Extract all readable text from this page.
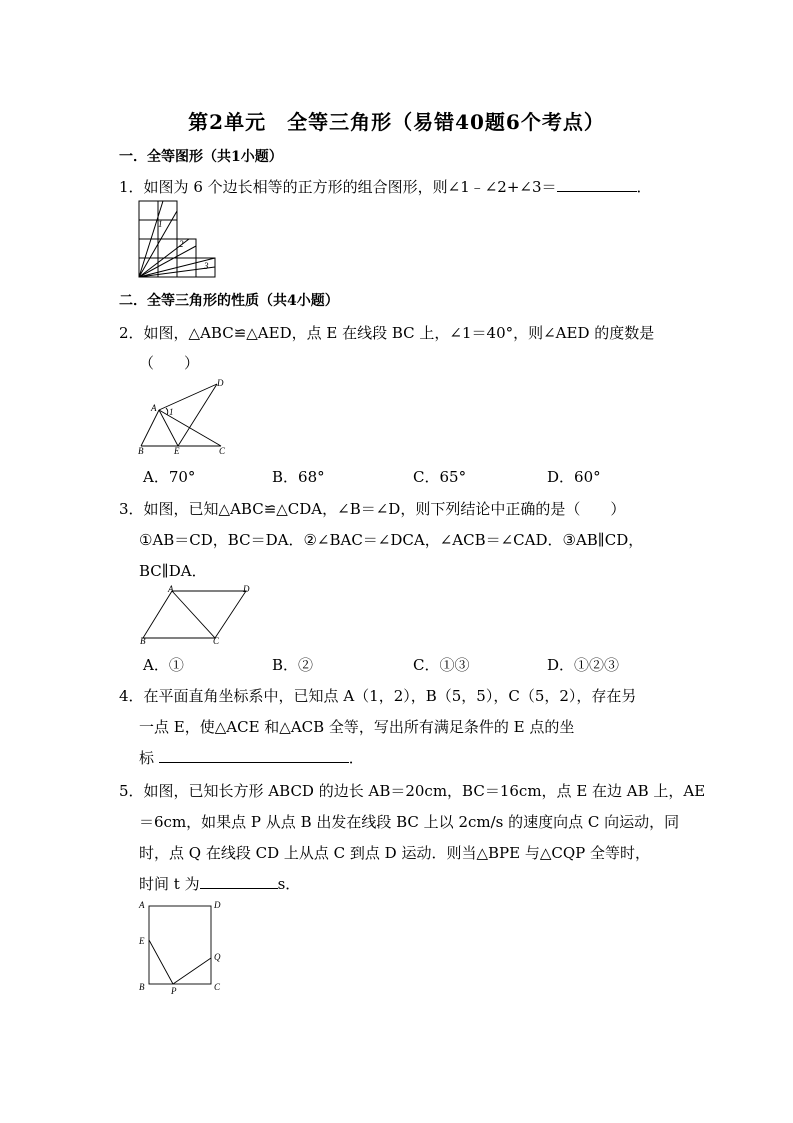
第2单元　全等三角形（易错40题6个考点）
一．全等图形（共1小题）
1．如图为 6 个边长相等的正方形的组合图形，则∠1﹣∠2+∠3＝	．
1
2
3
二．全等三角形的性质（共4小题）
2．如图，△ABC≌△AED，点 E 在线段 BC 上，∠1＝40°，则∠AED 的度数是
（　　）
A
B	E	C
D
1
A．70°	B．68°	C．65°	D．60°
3．如图，已知△ABC≌△CDA，∠B＝∠D，则下列结论中正确的是（　　）
①AB＝CD，BC＝DA．②∠BAC＝∠DCA，∠ACB＝∠CAD．③AB∥CD，
BC∥DA．
A	D
B	C
A．①	B．②	C．①③	D．①②③
4．在平面直角坐标系中，已知点 A（1，2），B（5，5），C（5，2），存在另
一点 E，使△ACE 和△ACB 全等，写出所有满足条件的 E 点的坐
标	．
5．如图，已知长方形 ABCD 的边长 AB＝20cm，BC＝16cm，点 E 在边 AB 上，AE
＝6cm，如果点 P 从点 B 出发在线段 BC 上以 2cm/s 的速度向点 C 向运动，同
时，点 Q 在线段 CD 上从点 C 到点 D 运动．则当△BPE 与△CQP 全等时，
时间 t 为	s．
A	D
E
Q
B	P	C
